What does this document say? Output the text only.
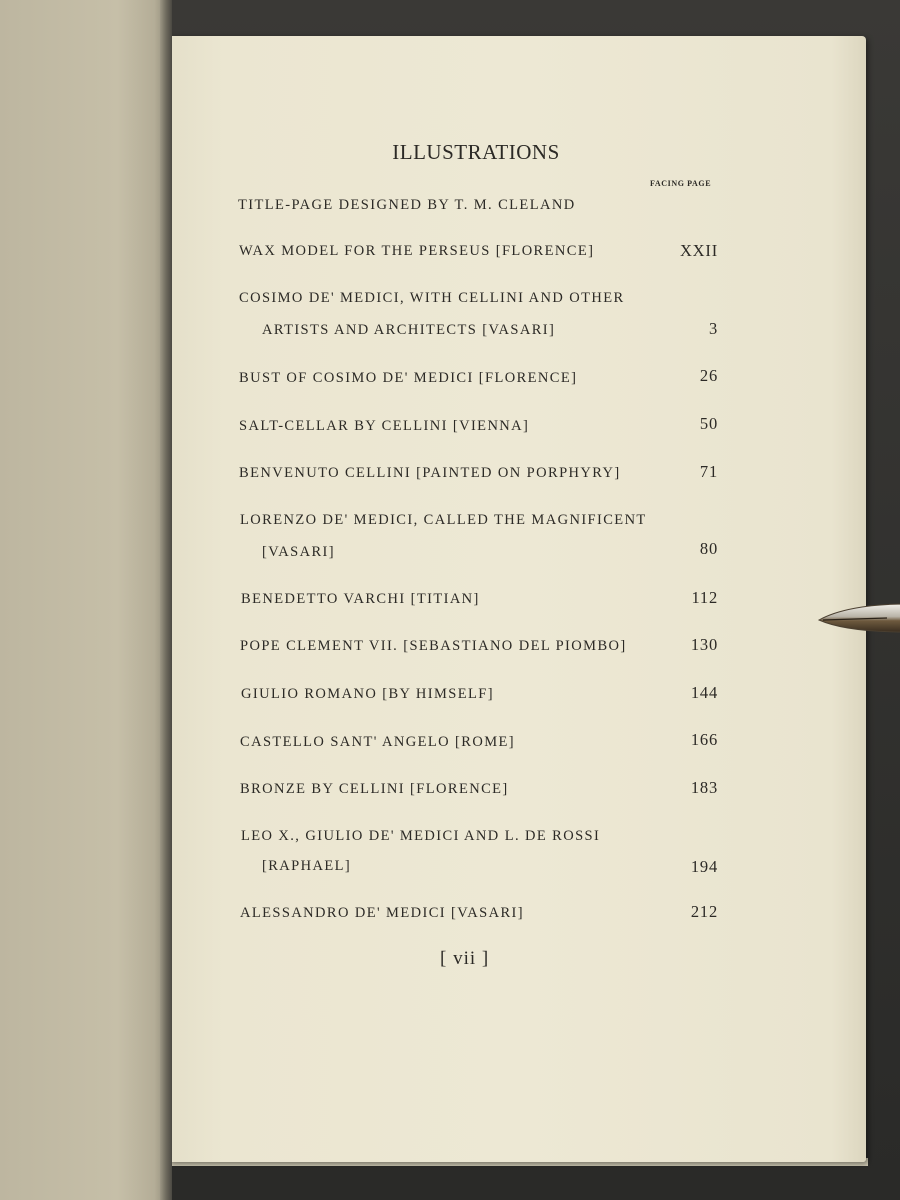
ILLUSTRATIONS
FACING PAGE
TITLE-PAGE DESIGNED BY T. M. CLELAND
WAX MODEL FOR THE PERSEUS [FLORENCE]	XXII
COSIMO DE' MEDICI, WITH CELLINI AND OTHER
ARTISTS AND ARCHITECTS [VASARI]	3
BUST OF COSIMO DE' MEDICI [FLORENCE]	26
SALT-CELLAR BY CELLINI [VIENNA]	50
BENVENUTO CELLINI [PAINTED ON PORPHYRY]	71
LORENZO DE' MEDICI, CALLED THE MAGNIFICENT
[VASARI]	80
BENEDETTO VARCHI [TITIAN]	112
POPE CLEMENT VII. [SEBASTIANO DEL PIOMBO]	130
GIULIO ROMANO [BY HIMSELF]	144
CASTELLO SANT' ANGELO [ROME]	166
BRONZE BY CELLINI [FLORENCE]	183
LEO X., GIULIO DE' MEDICI AND L. DE ROSSI
[RAPHAEL]	194
ALESSANDRO DE' MEDICI [VASARI]	212
[ vii ]
